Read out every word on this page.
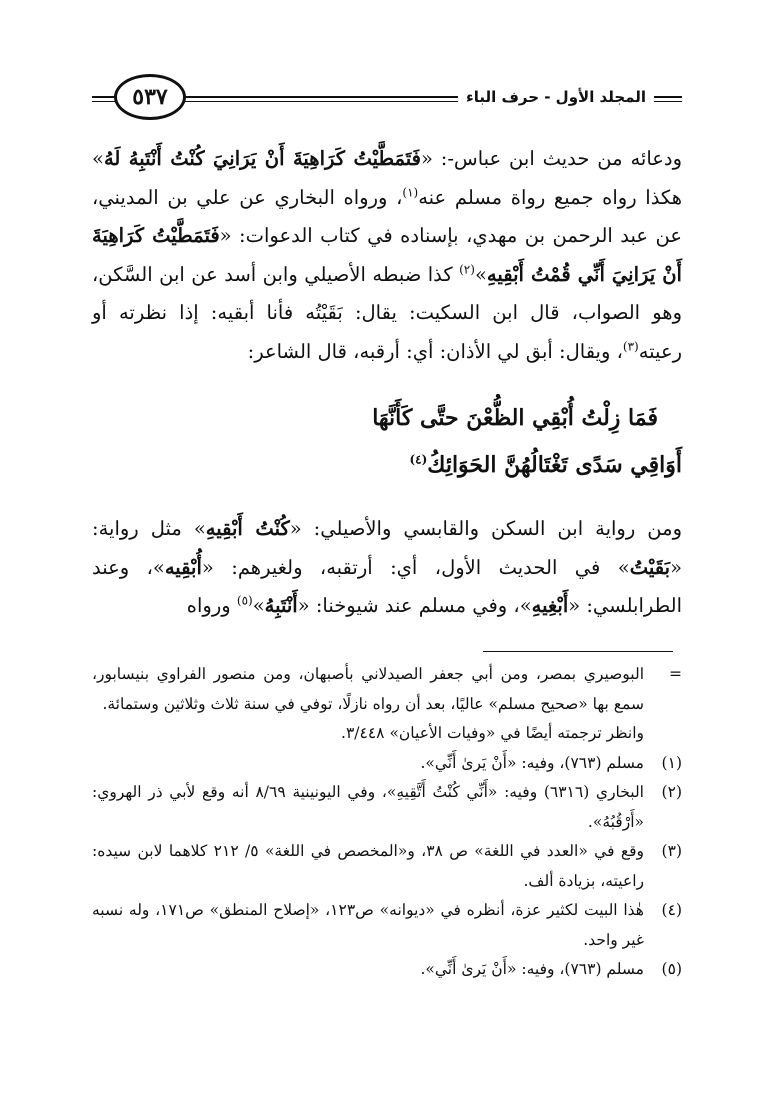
٥٣٧	المجلد الأول - حرف الباء

ودعائه من حديث ابن عباس-: «فَتَمَطَّيْتُ كَرَاهِيَةَ أَنْ يَرَانِيَ كُنْتُ أَنْتَبِهُ لَهُ» هكذا رواه جميع رواة مسلم عنه$^{(١)}$، ورواه البخاري عن علي بن المديني، عن عبد الرحمن بن مهدي، بإسناده في كتاب الدعوات: «فَتَمَطَّيْتُ كَرَاهِيَةَ أَنْ يَرَانِيَ أَنِّي قُمْتُ أَبْقِيهِ»$^{(٢)}$ كذا ضبطه الأصيلي وابن أسد عن ابن السَّكن، وهو الصواب، قال ابن السكيت: يقال: بَقَيْتُه فأنا أبقيه: إذا نظرته أو رعيته$^{(٣)}$، ويقال: أبق لي الأذان: أي: أرقبه، قال الشاعر:

فَمَا زِلْتُ أُبْقِي الظُّعْنَ حتَّى كَأَنَّهَا
أَوَاقِي سَدًى تَغْتَالُهُنَّ الحَوَائِكُ$^{(٤)}$

ومن رواية ابن السكن والقابسي والأصيلي: «كُنْتُ أَبْقِيهِ» مثل رواية: «بَقَيْتُ» في الحديث الأول، أي: أرتقبه، ولغيرهم: «أُبْقِيه»، وعند الطرابلسي: «أَبْغِيهِ»، وفي مسلم عند شيوخنا: «أَنْتَبِهُ»$^{(٥)}$ ورواه

=
البوصيري بمصر، ومن أبي جعفر الصيدلاني بأصبهان، ومن منصور الفراوي بنيسابور، سمع بها «صحيح مسلم» عاليًا، بعد أن رواه نازلًا، توفي في سنة ثلاث وثلاثين وستمائة.
وانظر ترجمته أيضًا في «وفيات الأعيان» ٣/٤٤٨.
(١)
مسلم (٧٦٣)، وفيه: «أَنْ يَرىٰ أَنِّي».
(٢)
البخاري (٦٣١٦) وفيه: «أَنِّي كُنْتُ أَتَّقِيهِ»، وفي اليونينية ٨/٦٩ أنه وقع لأبي ذر الهروي: «أَرْقُبُهُ».
(٣)
وقع في «العدد في اللغة» ص ٣٨، و«المخصص في اللغة» ٥/ ٢١٢ كلاهما لابن سيده: راعيته، بزيادة ألف.
(٤)
هٰذا البيت لكثير عزة، أنظره في «ديوانه» ص١٢٣، «إصلاح المنطق» ص١٧١، وله نسبه غير واحد.
(٥)
مسلم (٧٦٣)، وفيه: «أَنْ يَرىٰ أَنِّي».
